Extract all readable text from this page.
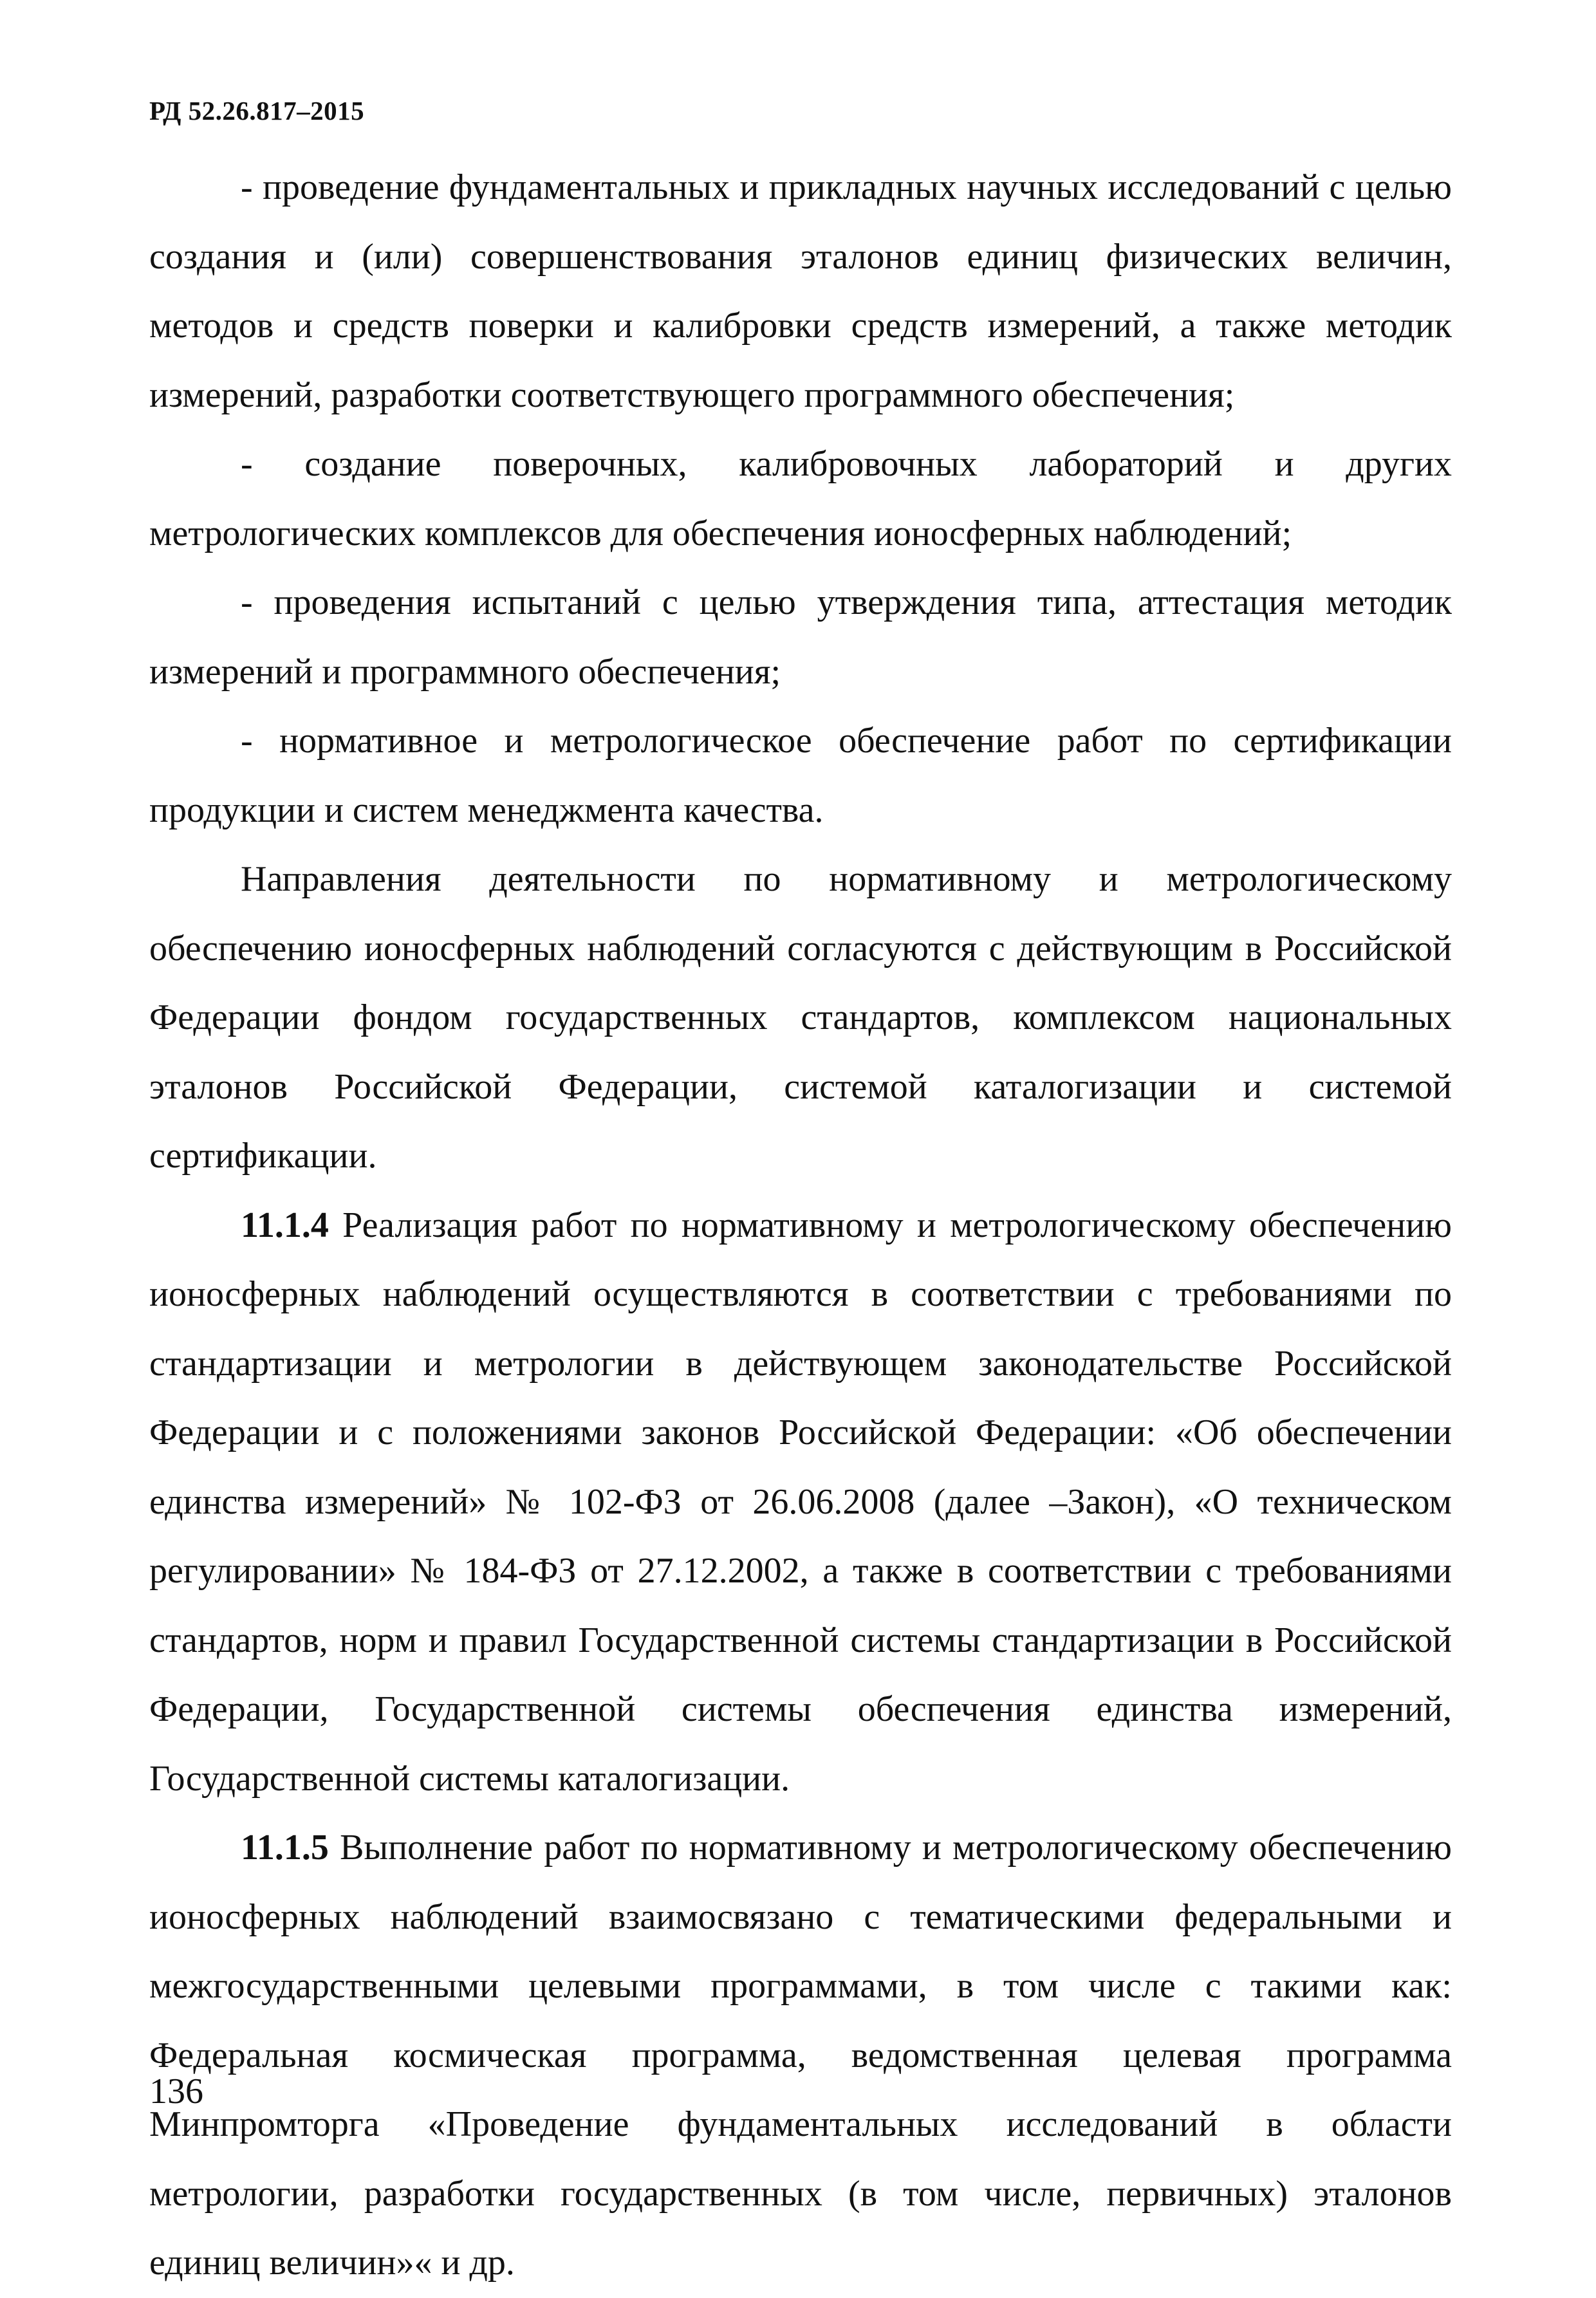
РД 52.26.817–2015

- проведение фундаментальных и прикладных научных исследований с целью создания и (или) совершенствования эталонов единиц физических величин, методов и средств поверки и калибровки средств измерений, а также методик измерений, разработки соответствующего программного обеспечения;

- создание поверочных, калибровочных лабораторий и других метрологических комплексов для обеспечения ионосферных наблюдений;

- проведения испытаний с целью утверждения типа, аттестация методик измерений и программного обеспечения;

- нормативное и метрологическое обеспечение работ по сертификации продукции и систем менеджмента качества.

Направления деятельности по нормативному и метрологическому обеспечению ионосферных наблюдений согласуются с действующим в Российской Федерации фондом государственных стандартов, комплексом национальных эталонов Российской Федерации, системой каталогизации и системой сертификации.

11.1.4 Реализация работ по нормативному и метрологическому обеспечению ионосферных наблюдений осуществляются в соответствии с требованиями по стандартизации и метрологии в действующем законодательстве Российской Федерации и с положениями законов Российской Федерации: «Об обеспечении единства измерений» № 102-ФЗ от 26.06.2008 (далее –Закон), «О техническом регулировании» № 184-ФЗ от 27.12.2002, а также в соответствии с требованиями стандартов, норм и правил Государственной системы стандартизации в Российской Федерации, Государственной системы обеспечения единства измерений, Государственной системы каталогизации.

11.1.5 Выполнение работ по нормативному и метрологическому обеспечению ионосферных наблюдений взаимосвязано с тематическими федеральными и межгосударственными целевыми программами, в том числе с такими как: Федеральная космическая программа, ведомственная целевая программа Минпромторга «Проведение фундаментальных исследований в области метрологии, разработки государственных (в том числе, первичных) эталонов единиц величин»« и др.

136
